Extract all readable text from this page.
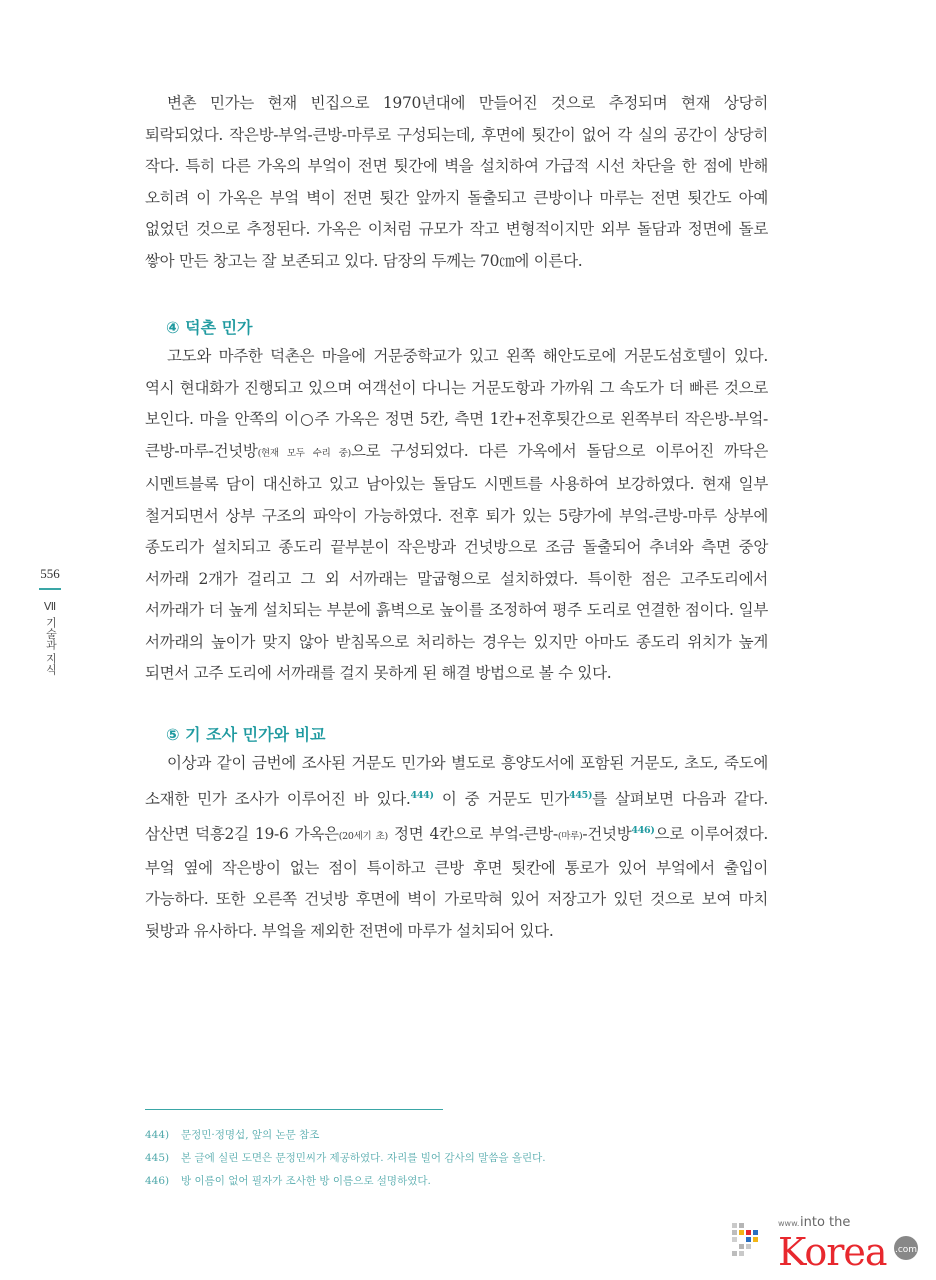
556
Ⅶ
기술과 지식

변촌 민가는 현재 빈집으로 1970년대에 만들어진 것으로 추정되며 현재 상당히 퇴락되었다. 작은방-부엌-큰방-마루로 구성되는데, 후면에 툇간이 없어 각 실의 공간이 상당히 작다. 특히 다른 가옥의 부엌이 전면 툇간에 벽을 설치하여 가급적 시선 차단을 한 점에 반해 오히려 이 가옥은 부엌 벽이 전면 툇간 앞까지 돌출되고 큰방이나 마루는 전면 툇간도 아예 없었던 것으로 추정된다. 가옥은 이처럼 규모가 작고 변형적이지만 외부 돌담과 정면에 돌로 쌓아 만든 창고는 잘 보존되고 있다. 담장의 두께는 70㎝에 이른다.

④ 덕촌 민가

고도와 마주한 덕촌은 마을에 거문중학교가 있고 왼쪽 해안도로에 거문도섬호텔이 있다. 역시 현대화가 진행되고 있으며 여객선이 다니는 거문도항과 가까워 그 속도가 더 빠른 것으로 보인다. 마을 안쪽의 이○주 가옥은 정면 5칸, 측면 1칸+전후툇간으로 왼쪽부터 작은방-부엌-큰방-마루-건넛방(현재 모두 수리 중)으로 구성되었다. 다른 가옥에서 돌담으로 이루어진 까닥은 시멘트블록 담이 대신하고 있고 남아있는 돌담도 시멘트를 사용하여 보강하였다. 현재 일부 철거되면서 상부 구조의 파악이 가능하였다. 전후 퇴가 있는 5량가에 부엌-큰방-마루 상부에 종도리가 설치되고 종도리 끝부분이 작은방과 건넛방으로 조금 돌출되어 추녀와 측면 중앙 서까래 2개가 걸리고 그 외 서까래는 말굽형으로 설치하였다. 특이한 점은 고주도리에서 서까래가 더 높게 설치되는 부분에 흙벽으로 높이를 조정하여 평주 도리로 연결한 점이다. 일부 서까래의 높이가 맞지 않아 받침목으로 처리하는 경우는 있지만 아마도 종도리 위치가 높게 되면서 고주 도리에 서까래를 걸지 못하게 된 해결 방법으로 볼 수 있다.

⑤ 기 조사 민가와 비교

이상과 같이 금번에 조사된 거문도 민가와 별도로 흥양도서에 포함된 거문도, 초도, 죽도에 소재한 민가 조사가 이루어진 바 있다.$^{444)}$ 이 중 거문도 민가$^{445)}$를 살펴보면 다음과 같다. 삼산면 덕흥2길 19-6 가옥은(20세기 초) 정면 4칸으로 부엌-큰방-(마루)-건넛방$^{446)}$으로 이루어졌다. 부엌 옆에 작은방이 없는 점이 특이하고 큰방 후면 툇칸에 통로가 있어 부엌에서 출입이 가능하다. 또한 오른쪽 건넛방 후면에 벽이 가로막혀 있어 저장고가 있던 것으로 보여 마치 뒷방과 유사하다. 부엌을 제외한 전면에 마루가 설치되어 있다.

444) 문정민·정명섭, 앞의 논문 참조
445) 본 글에 실린 도면은 문정민씨가 제공하였다. 자리를 빌어 감사의 말씀을 올린다.
446) 방 이름이 없어 필자가 조사한 방 이름으로 설명하였다.
www. into the
Korea .com
